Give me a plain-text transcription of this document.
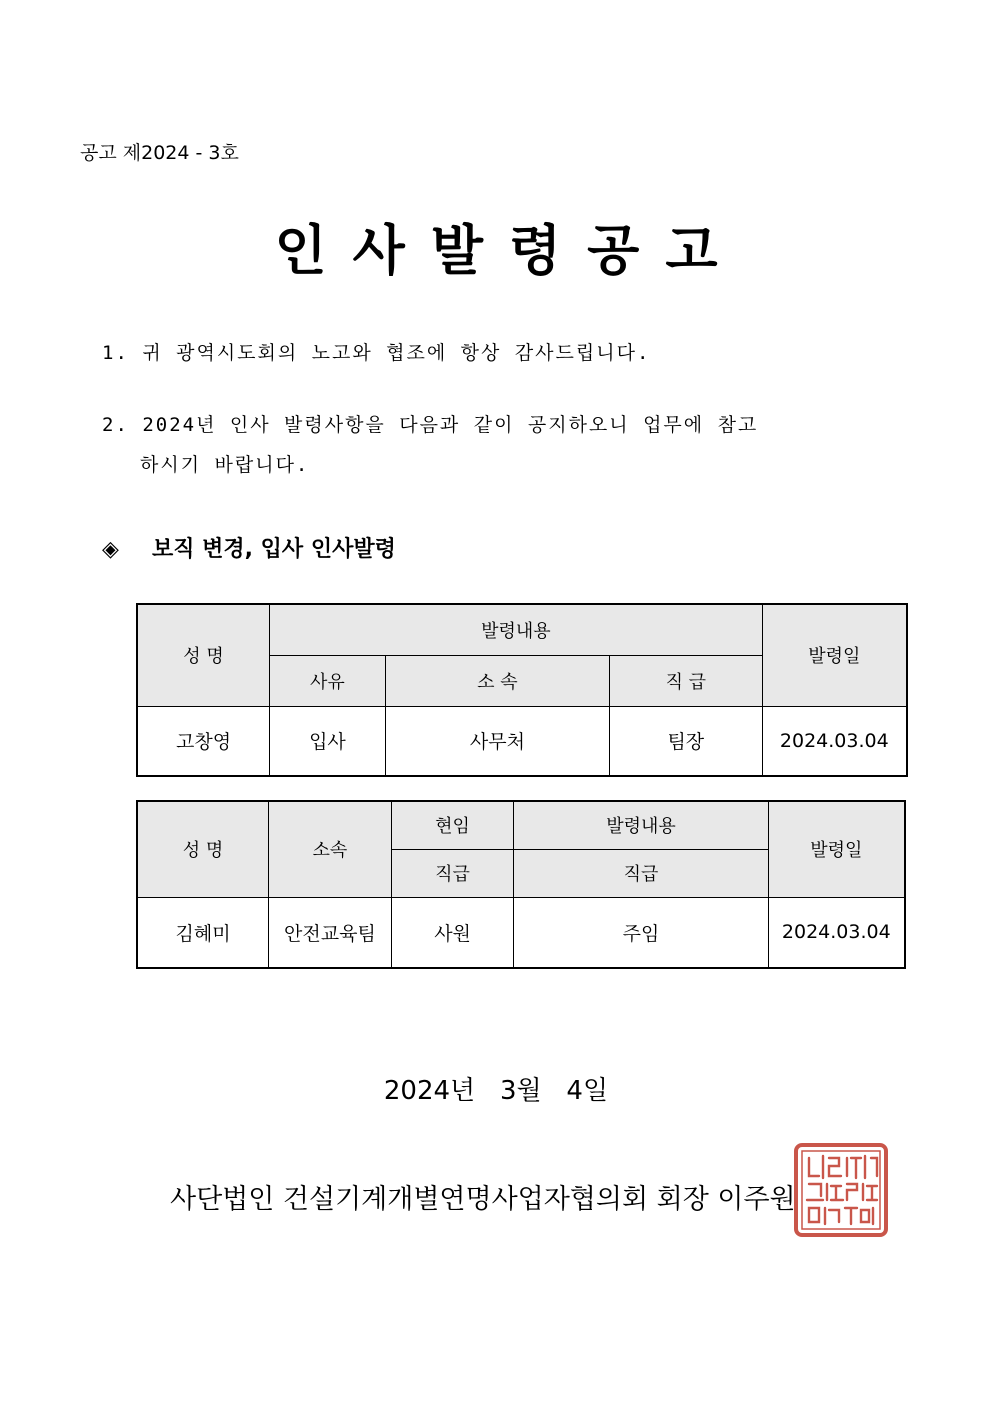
공고 제2024 - 3호
인사발령공고
1. 귀 광역시도회의 노고와 협조에 항상 감사드립니다.
2. 2024년 인사 발령사항을 다음과 같이 공지하오니 업무에 참고
하시기 바랍니다.
◈ 보직 변경, 입사 인사발령
성 명	발령내용			발령일
	사유	소 속	직 급	
고창영	입사	사무처	팀장	2024.03.04
성 명	소속	현임	발령내용	발령일
		직급	직급	
김혜미	안전교육팀	사원	주임	2024.03.04
2024년   3월   4일
사단법인 건설기계개별연명사업자협의회 회장 이주원
